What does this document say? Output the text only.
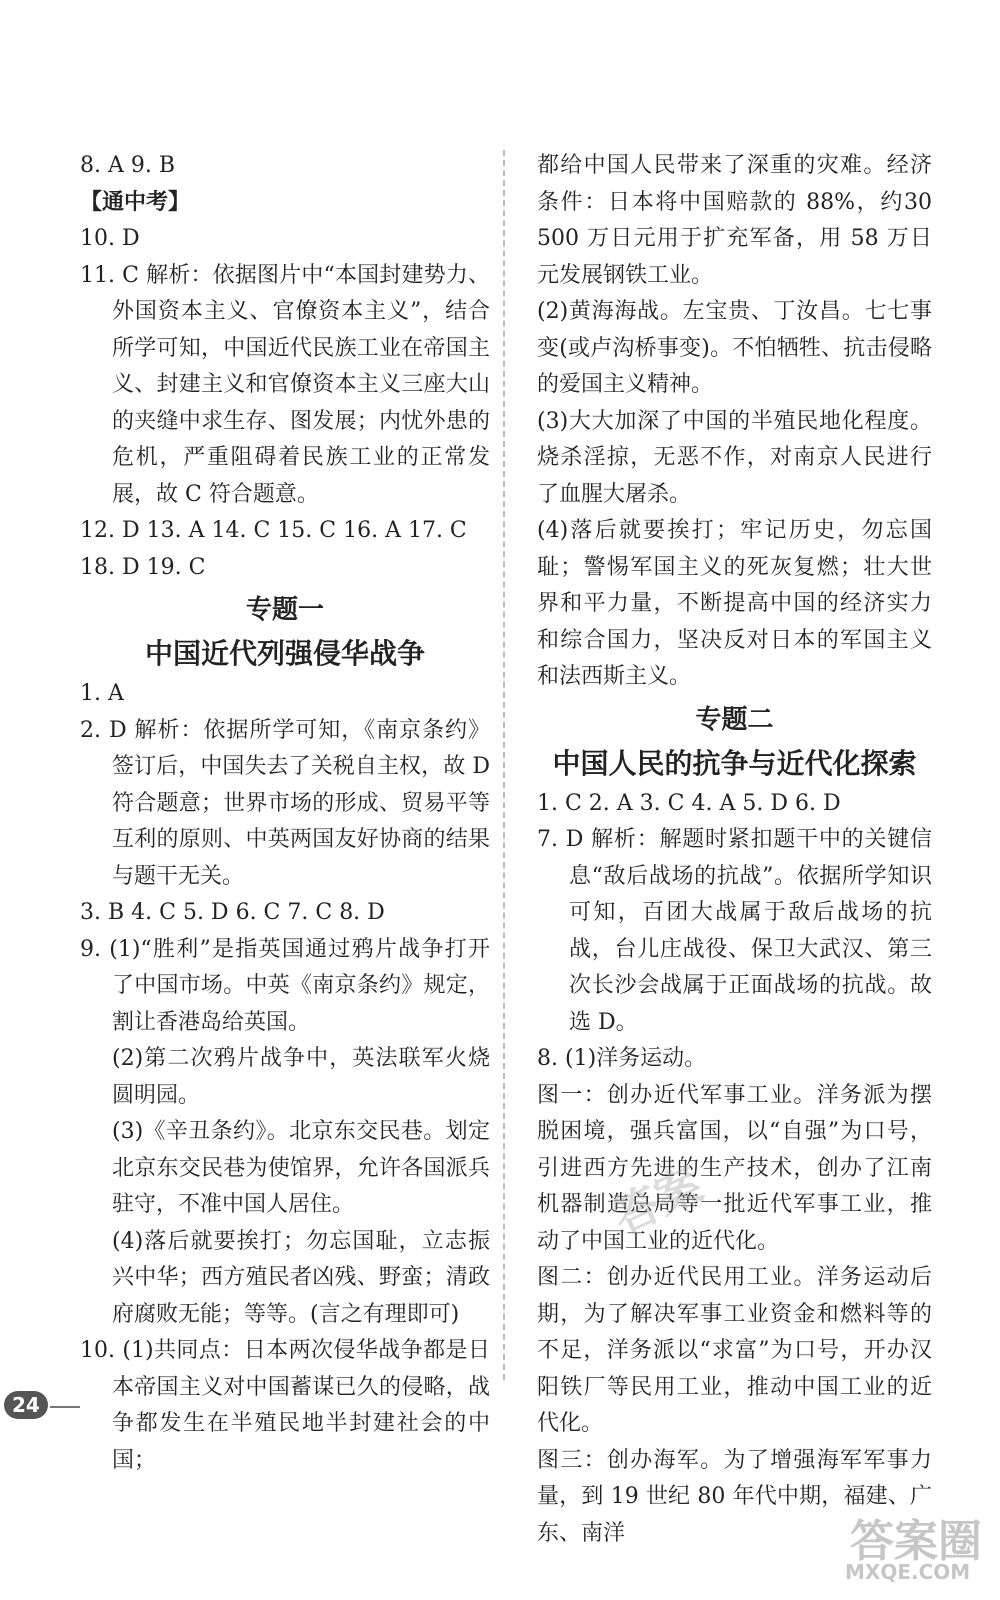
8. A 9. B

【通中考】

10. D

11. C 解析：依据图片中“本国封建势力、外国资本主义、官僚资本主义”，结合所学可知，中国近代民族工业在帝国主义、封建主义和官僚资本主义三座大山的夹缝中求生存、图发展；内忧外患的危机，严重阻碍着民族工业的正常发展，故 C 符合题意。

12. D 13. A 14. C 15. C 16. A 17. C

18. D 19. C

专题一
中国近代列强侵华战争

1. A

2. D 解析：依据所学可知，《南京条约》签订后，中国失去了关税自主权，故 D 符合题意；世界市场的形成、贸易平等互利的原则、中英两国友好协商的结果与题干无关。

3. B 4. C 5. D 6. C 7. C 8. D

9. (1)“胜利”是指英国通过鸦片战争打开了中国市场。中英《南京条约》规定，割让香港岛给英国。

(2)第二次鸦片战争中，英法联军火烧圆明园。

(3)《辛丑条约》。北京东交民巷。划定北京东交民巷为使馆界，允许各国派兵驻守，不准中国人居住。

(4)落后就要挨打；勿忘国耻，立志振兴中华；西方殖民者凶残、野蛮；清政府腐败无能；等等。(言之有理即可)

10. (1)共同点：日本两次侵华战争都是日本帝国主义对中国蓄谋已久的侵略，战争都发生在半殖民地半封建社会的中国；

都给中国人民带来了深重的灾难。经济条件：日本将中国赔款的 88%，约30 500 万日元用于扩充军备，用 58 万日元发展钢铁工业。

(2)黄海海战。左宝贵、丁汝昌。七七事变(或卢沟桥事变)。不怕牺牲、抗击侵略的爱国主义精神。

(3)大大加深了中国的半殖民地化程度。烧杀淫掠，无恶不作，对南京人民进行了血腥大屠杀。

(4)落后就要挨打；牢记历史，勿忘国耻；警惕军国主义的死灰复燃；壮大世界和平力量，不断提高中国的经济实力和综合国力，坚决反对日本的军国主义和法西斯主义。

专题二
中国人民的抗争与近代化探索

1. C 2. A 3. C 4. A 5. D 6. D

7. D 解析：解题时紧扣题干中的关键信息“敌后战场的抗战”。依据所学知识可知，百团大战属于敌后战场的抗战，台儿庄战役、保卫大武汉、第三次长沙会战属于正面战场的抗战。故选 D。

8. (1)洋务运动。

图一：创办近代军事工业。洋务派为摆脱困境，强兵富国，以“自强”为口号，引进西方先进的生产技术，创办了江南机器制造总局等一批近代军事工业，推动了中国工业的近代化。

图二：创办近代民用工业。洋务运动后期，为了解决军事工业资金和燃料等的不足，洋务派以“求富”为口号，开办汉阳铁厂等民用工业，推动中国工业的近代化。

图三：创办海军。为了增强海军军事力量，到 19 世纪 80 年代中期，福建、广东、南洋

24
答案
答案圈
MXQE.COM
